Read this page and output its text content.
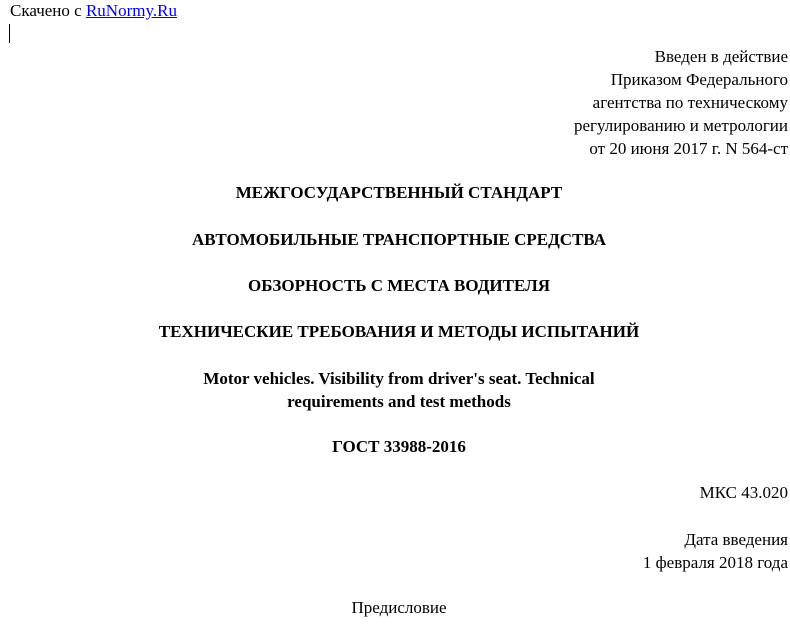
Скачено с RuNormy.Ru
Введен в действие
Приказом Федерального
агентства по техническому
регулированию и метрологии
от 20 июня 2017 г. N 564-ст
МЕЖГОСУДАРСТВЕННЫЙ СТАНДАРТ
АВТОМОБИЛЬНЫЕ ТРАНСПОРТНЫЕ СРЕДСТВА
ОБЗОРНОСТЬ С МЕСТА ВОДИТЕЛЯ
ТЕХНИЧЕСКИЕ ТРЕБОВАНИЯ И МЕТОДЫ ИСПЫТАНИЙ
Motor vehicles. Visibility from driver's seat. Technical
requirements and test methods
ГОСТ 33988-2016
МКС 43.020
Дата введения
1 февраля 2018 года
Предисловие
